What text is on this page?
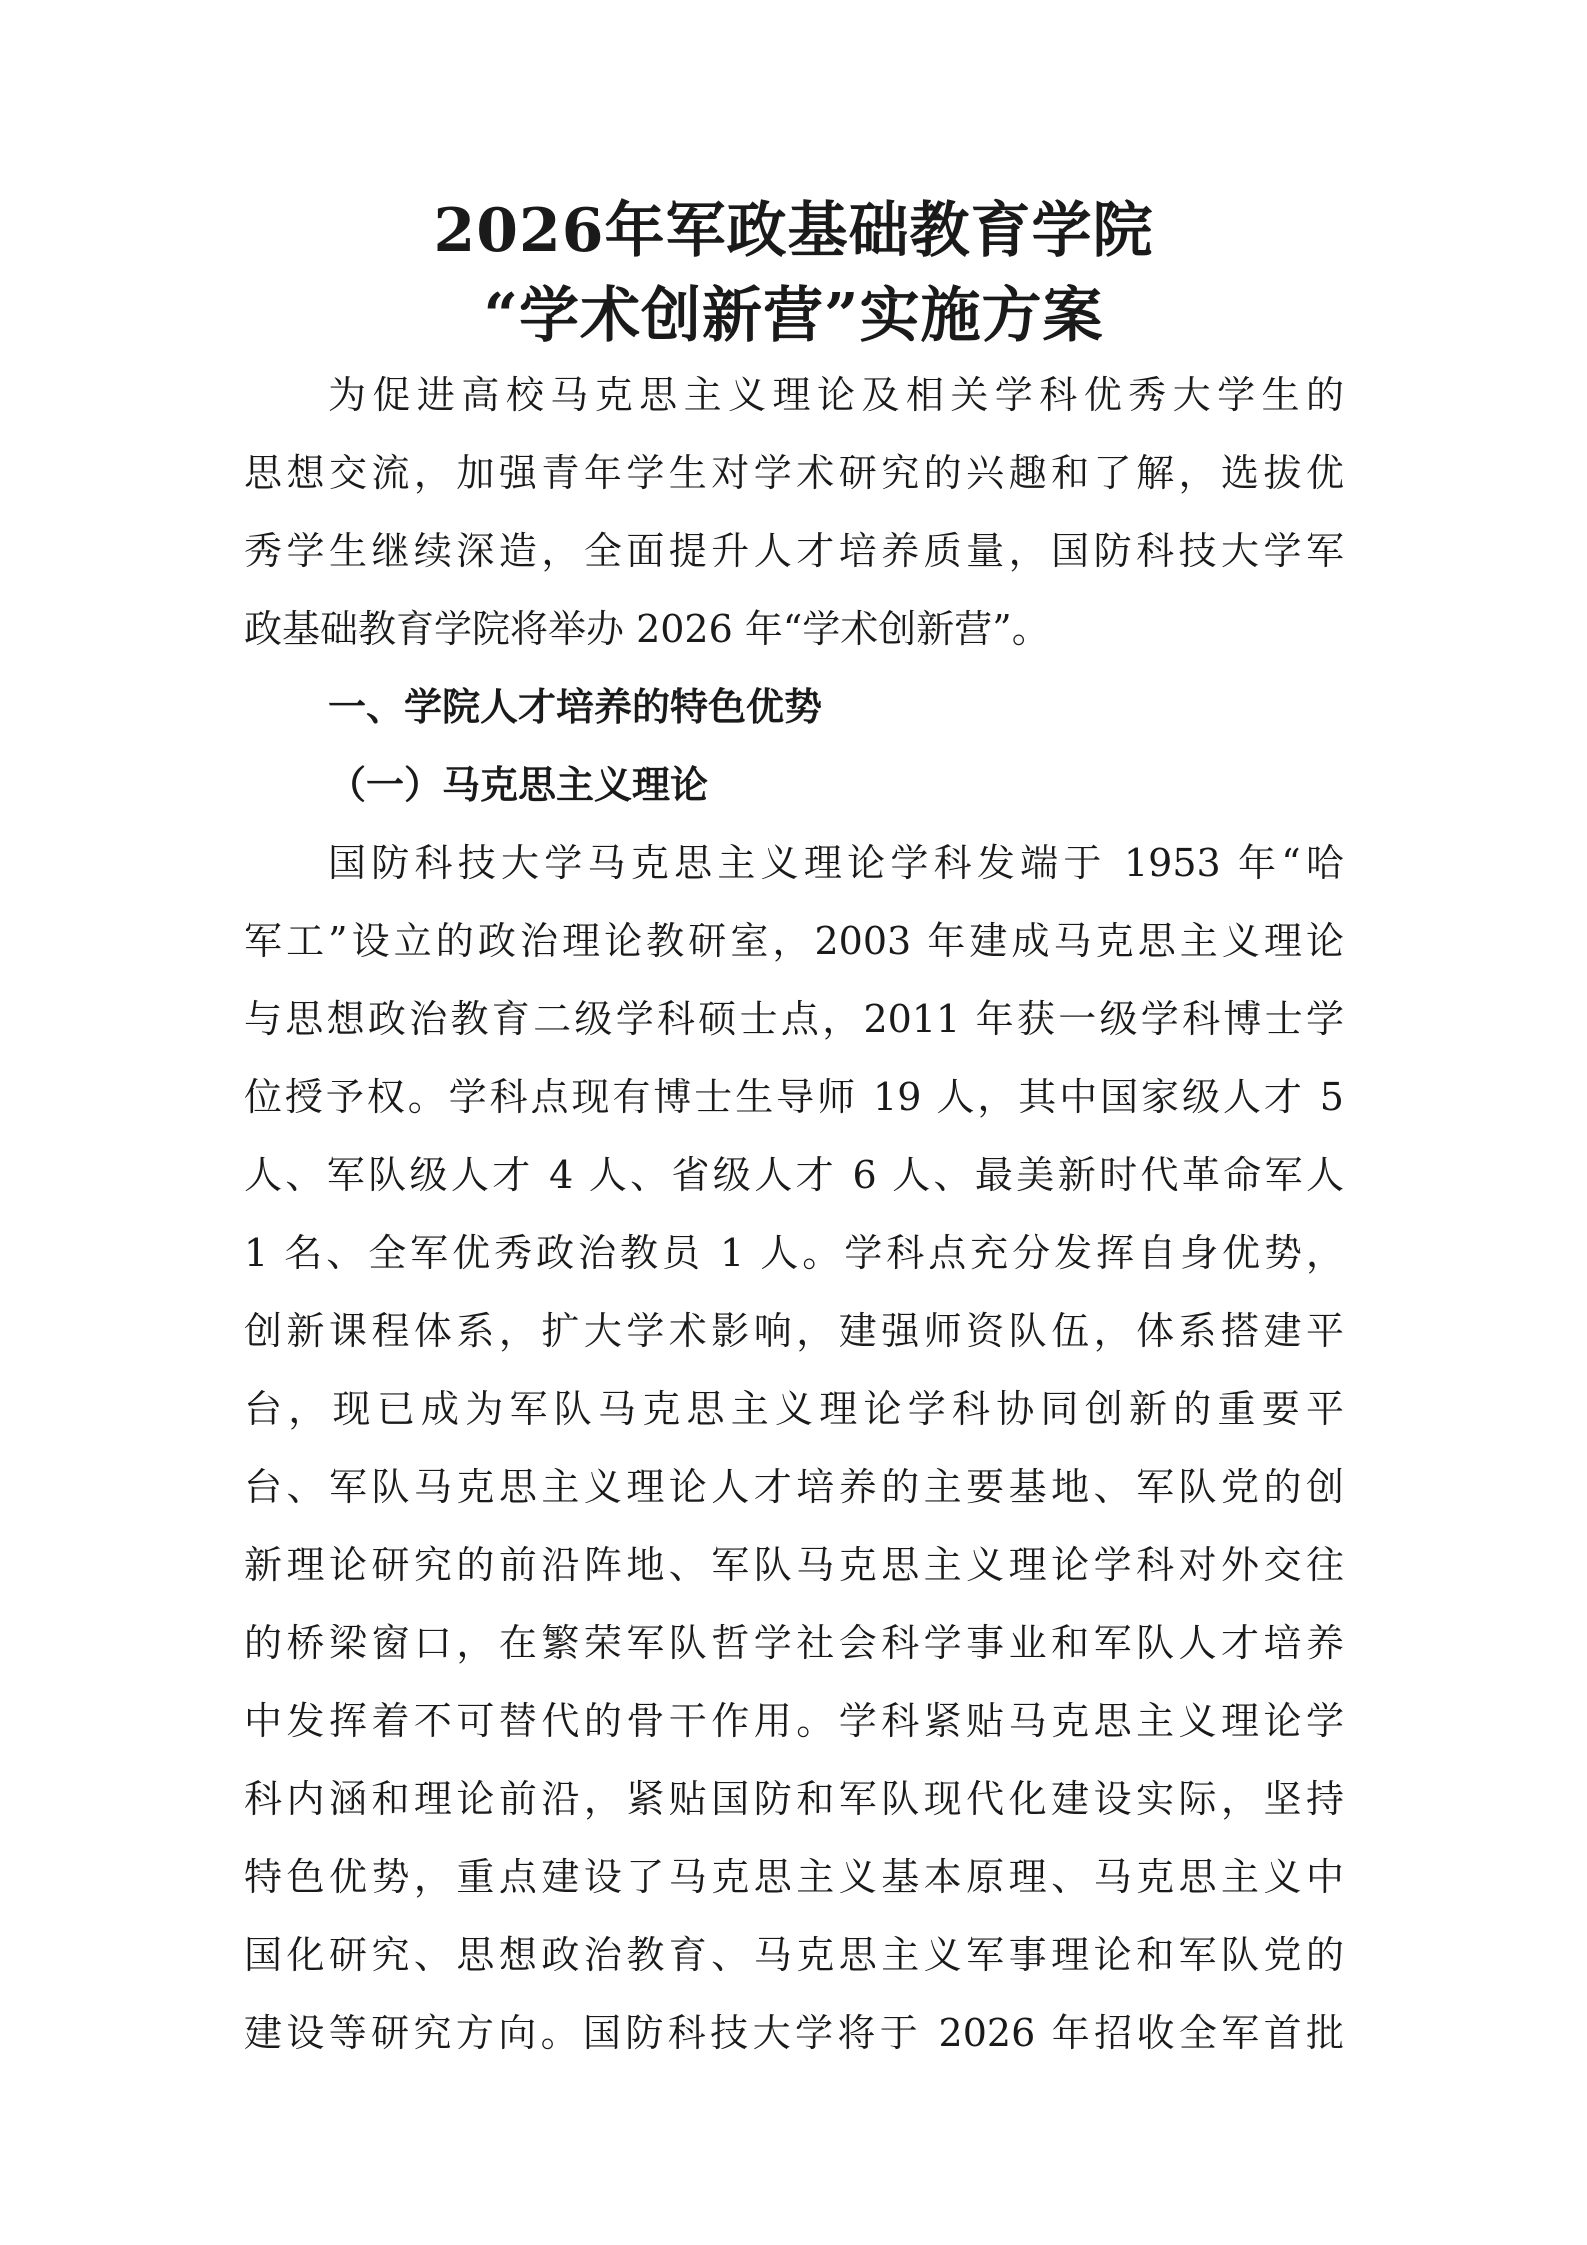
2026年军政基础教育学院
“学术创新营”实施方案
为促进高校马克思主义理论及相关学科优秀大学生的
思想交流，加强青年学生对学术研究的兴趣和了解，选拔优
秀学生继续深造，全面提升人才培养质量，国防科技大学军
政基础教育学院将举办 2026 年“学术创新营”。
一、学院人才培养的特色优势
（一）马克思主义理论
国防科技大学马克思主义理论学科发端于 1953 年“哈
军工”设立的政治理论教研室，2003 年建成马克思主义理论
与思想政治教育二级学科硕士点，2011 年获一级学科博士学
位授予权。学科点现有博士生导师 19 人，其中国家级人才 5
人、军队级人才 4 人、省级人才 6 人、最美新时代革命军人
1 名、全军优秀政治教员 1 人。学科点充分发挥自身优势，
创新课程体系，扩大学术影响，建强师资队伍，体系搭建平
台，现已成为军队马克思主义理论学科协同创新的重要平
台、军队马克思主义理论人才培养的主要基地、军队党的创
新理论研究的前沿阵地、军队马克思主义理论学科对外交往
的桥梁窗口，在繁荣军队哲学社会科学事业和军队人才培养
中发挥着不可替代的骨干作用。学科紧贴马克思主义理论学
科内涵和理论前沿，紧贴国防和军队现代化建设实际，坚持
特色优势，重点建设了马克思主义基本原理、马克思主义中
国化研究、思想政治教育、马克思主义军事理论和军队党的
建设等研究方向。国防科技大学将于 2026 年招收全军首批
